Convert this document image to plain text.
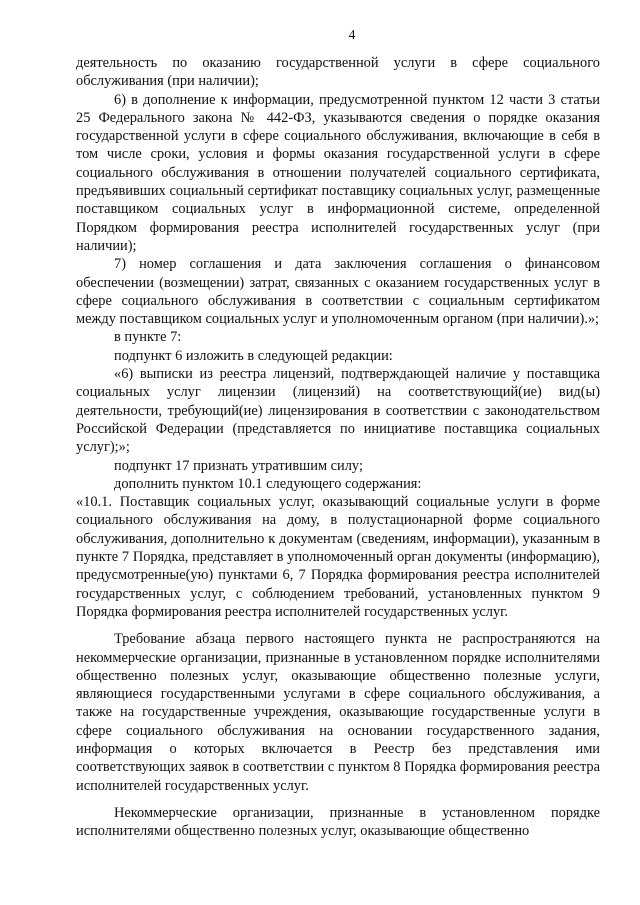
4

деятельность по оказанию государственной услуги в сфере социального обслуживания (при наличии);

6) в дополнение к информации, предусмотренной пунктом 12 части 3 статьи 25 Федерального закона № 442-ФЗ, указываются сведения о порядке оказания государственной услуги в сфере социального обслуживания, включающие в себя в том числе сроки, условия и формы оказания государственной услуги в сфере социального обслуживания в отношении получателей социального сертификата, предъявивших социальный сертификат поставщику социальных услуг, размещенные поставщиком социальных услуг в информационной системе, определенной Порядком формирования реестра исполнителей государственных услуг (при наличии);

7) номер соглашения и дата заключения соглашения о финансовом обеспечении (возмещении) затрат, связанных с оказанием государственных услуг в сфере социального обслуживания в соответствии с социальным сертификатом между поставщиком социальных услуг и уполномоченным органом (при наличии).»;

в пункте 7:

подпункт 6 изложить в следующей редакции:

«6) выписки из реестра лицензий, подтверждающей наличие у поставщика социальных услуг лицензии (лицензий) на соответствующий(ие) вид(ы) деятельности, требующий(ие) лицензирования в соответствии с законодательством Российской Федерации (представляется по инициативе поставщика социальных услуг);»;

подпункт 17 признать утратившим силу;

дополнить пунктом 10.1 следующего содержания:

«10.1. Поставщик социальных услуг, оказывающий социальные услуги в форме социального обслуживания на дому, в полустационарной форме социального обслуживания, дополнительно к документам (сведениям, информации), указанным в пункте 7 Порядка, представляет в уполномоченный орган документы (информацию), предусмотренные(ую) пунктами 6, 7 Порядка формирования реестра исполнителей государственных услуг, с соблюдением требований, установленных пунктом 9 Порядка формирования реестра исполнителей государственных услуг.

Требование абзаца первого настоящего пункта не распространяются на некоммерческие организации, признанные в установленном порядке исполнителями общественно полезных услуг, оказывающие общественно полезные услуги, являющиеся государственными услугами в сфере социального обслуживания, а также на государственные учреждения, оказывающие государственные услуги в сфере социального обслуживания на основании государственного задания, информация о которых включается в Реестр без представления ими соответствующих заявок в соответствии с пунктом 8 Порядка формирования реестра исполнителей государственных услуг.

Некоммерческие организации, признанные в установленном порядке исполнителями общественно полезных услуг, оказывающие общественно
